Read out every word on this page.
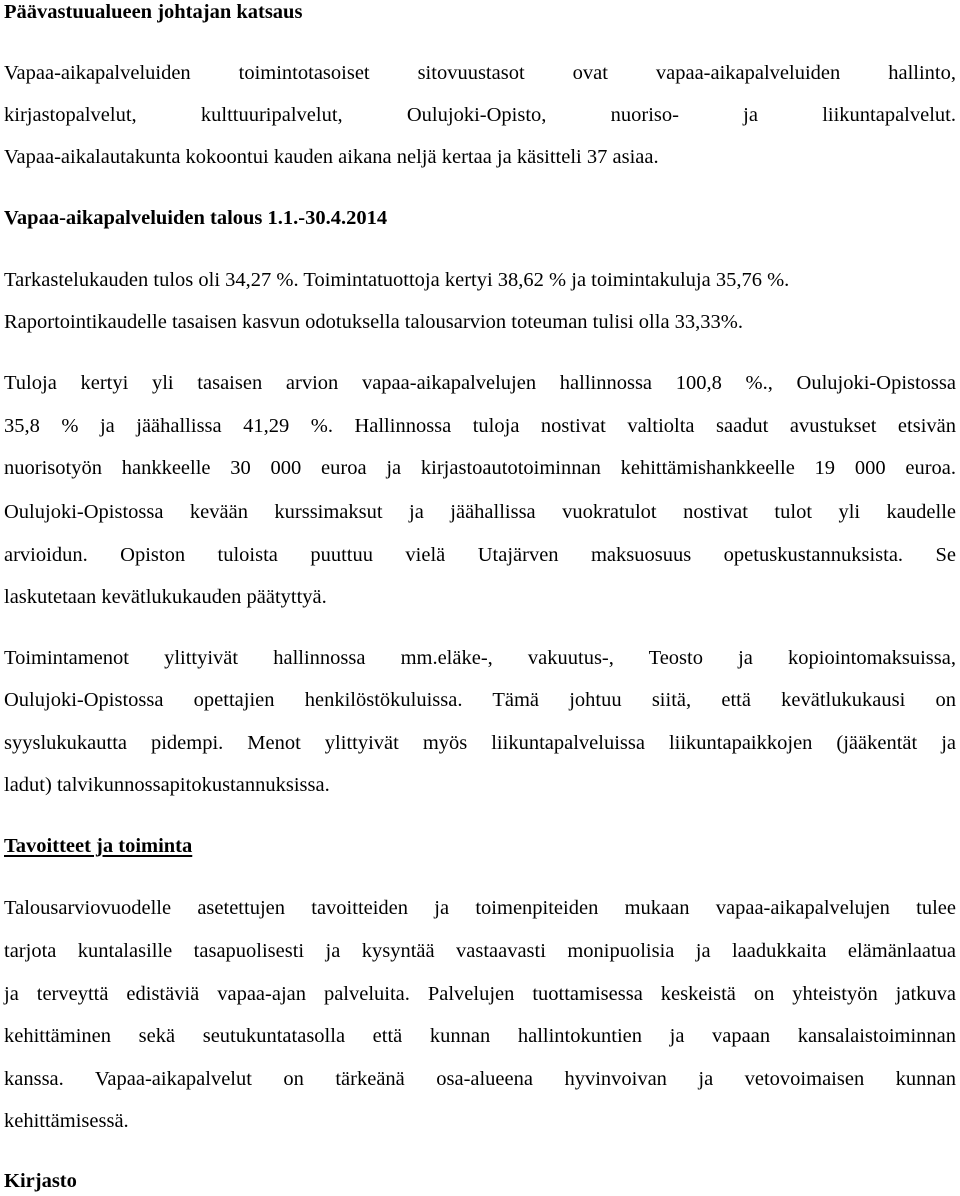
Päävastuualueen johtajan katsaus
Vapaa-aikapalveluiden toimintotasoiset sitovuustasot ovat vapaa-aikapalveluiden hallinto,
kirjastopalvelut, kulttuuripalvelut, Oulujoki-Opisto, nuoriso- ja liikuntapalvelut.
Vapaa-aikalautakunta kokoontui kauden aikana neljä kertaa ja käsitteli 37 asiaa.
Vapaa-aikapalveluiden talous 1.1.-30.4.2014
Tarkastelukauden tulos oli 34,27 %. Toimintatuottoja kertyi 38,62 % ja toimintakuluja 35,76 %.
Raportointikaudelle tasaisen kasvun odotuksella talousarvion toteuman tulisi olla 33,33%.
Tuloja kertyi yli tasaisen arvion vapaa-aikapalvelujen hallinnossa 100,8 %., Oulujoki-Opistossa
35,8 % ja jäähallissa 41,29 %. Hallinnossa tuloja nostivat valtiolta saadut avustukset etsivän
nuorisotyön hankkeelle 30 000 euroa ja kirjastoautotoiminnan kehittämishankkeelle 19 000 euroa.
Oulujoki-Opistossa kevään kurssimaksut ja jäähallissa vuokratulot nostivat tulot yli kaudelle
arvioidun. Opiston tuloista puuttuu vielä Utajärven maksuosuus opetuskustannuksista. Se
laskutetaan kevätlukukauden päätyttyä.
Toimintamenot ylittyivät hallinnossa mm.eläke-, vakuutus-, Teosto ja kopiointomaksuissa,
Oulujoki-Opistossa opettajien henkilöstökuluissa. Tämä johtuu siitä, että kevätlukukausi on
syyslukukautta pidempi. Menot ylittyivät myös liikuntapalveluissa liikuntapaikkojen (jääkentät ja
ladut) talvikunnossapitokustannuksissa.
Tavoitteet ja toiminta
Talousarviovuodelle asetettujen tavoitteiden ja toimenpiteiden mukaan vapaa-aikapalvelujen tulee
tarjota kuntalasille tasapuolisesti ja kysyntää vastaavasti monipuolisia ja laadukkaita elämänlaatua
ja terveyttä edistäviä vapaa-ajan palveluita. Palvelujen tuottamisessa keskeistä on yhteistyön jatkuva
kehittäminen sekä seutukuntatasolla että kunnan hallintokuntien ja vapaan kansalaistoiminnan
kanssa. Vapaa-aikapalvelut on tärkeänä osa-alueena hyvinvoivan ja vetovoimaisen kunnan
kehittämisessä.
Kirjasto
